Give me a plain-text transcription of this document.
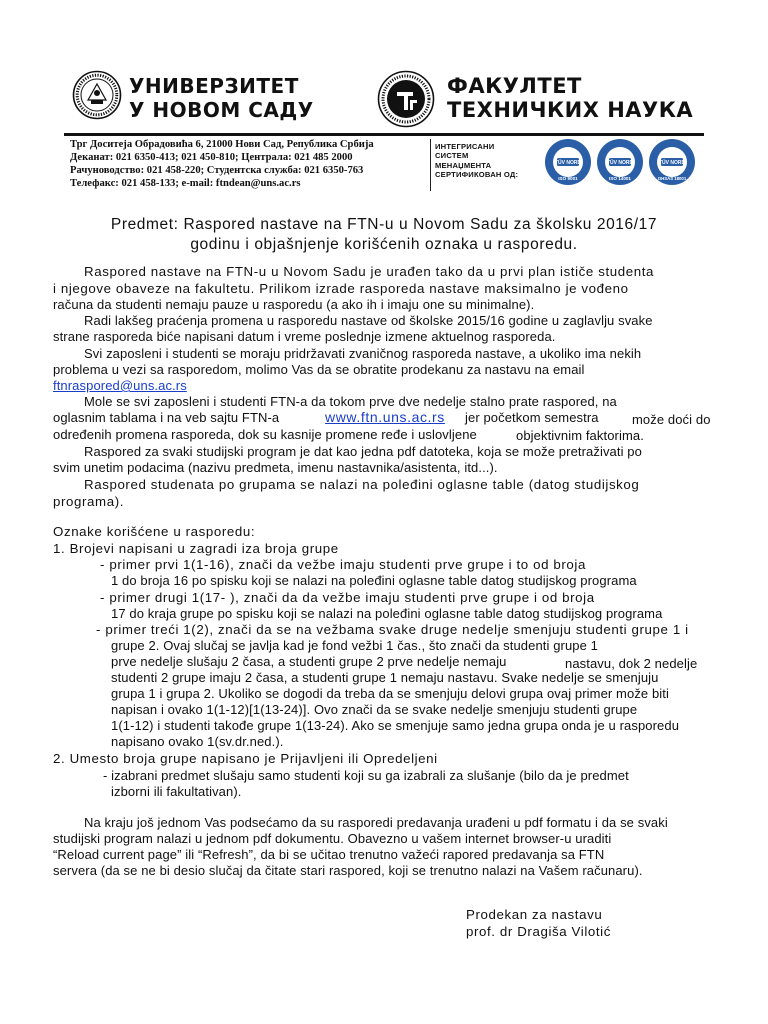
УНИВЕРЗИТЕТ
У НОВОМ САДУ
ФАКУЛТЕТ
ТЕХНИЧКИХ НАУКА
Трг Доситеја Обрадовића 6, 21000 Нови Сад, Република Србија
Деканат: 021 6350-413; 021 450-810; Централа: 021 485 2000
Рачуноводство: 021 458-220; Студентска служба: 021 6350-763
Телефакс: 021 458-133; e-mail: ftndean@uns.ac.rs
ИНТЕГРИСАНИ
СИСТЕМ
МЕНАЏМЕНТА
СЕРТИФИКОВАН ОД:
TÜV NORD
ISO 9001
TÜV NORD
ISO 14001
TÜV NORD
OHSAS 18001
Predmet: Raspored nastave na FTN-u u Novom Sadu za školsku 2016/17
godinu i objašnjenje korišćenih oznaka u rasporedu.
Raspored nastave na FTN-u u Novom Sadu je urađen tako da u prvi plan ističe studenta
i njegove obaveze na fakultetu. Prilikom izrade rasporeda nastave maksimalno je vođeno
računa da studenti nemaju pauze u rasporedu (a ako ih i imaju one su minimalne).
Radi lakšeg praćenja promena u rasporedu nastave od školske 2015/16 godine u zaglavlju svake
strane rasporeda biće napisani datum i vreme poslednje izmene aktuelnog rasporeda.
Svi zaposleni i studenti se moraju pridržavati zvaničnog rasporeda nastave, a ukoliko ima nekih
problema u vezi sa rasporedom, molimo Vas da se obratite prodekanu za nastavu na email
ftnraspored@uns.ac.rs
Mole se svi zaposleni i studenti FTN-a da tokom prve dve nedelje stalno prate raspored, na
oglasnim tablama i na veb sajtu FTN-a	www.ftn.uns.ac.rs jer početkom semestra	može doći do
određenih promena rasporeda, dok su kasnije promene ređe i uslovljene	objektivnim faktorima.
Raspored za svaki studijski program je dat kao jedna pdf datoteka, koja se može pretraživati po
svim unetim podacima (nazivu predmeta, imenu nastavnika/asistenta, itd...).
Raspored studenata po grupama se nalazi na poleđini oglasne table (datog studijskog
programa).
Oznake korišćene u rasporedu:
1. Brojevi napisani u zagradi iza broja grupe
- primer prvi 1(1-16), znači da vežbe imaju studenti prve grupe i to od broja
1 do broja 16 po spisku koji se nalazi na poleđini oglasne table datog studijskog programa
- primer drugi 1(17- ), znači da da vežbe imaju studenti prve grupe i od broja
17 do kraja grupe po spisku koji se nalazi na poleđini oglasne table datog studijskog programa
- primer treći 1(2), znači da se na vežbama svake druge nedelje smenjuju studenti grupe 1 i
grupe 2. Ovaj slučaj se javlja kad je fond vežbi 1 čas., što znači da studenti grupe 1
prve nedelje slušaju 2 časa, a studenti grupe 2 prve nedelje nemaju	nastavu, dok 2 nedelje
studenti 2 grupe imaju 2 časa, a studenti grupe 1 nemaju nastavu. Svake nedelje se smenjuju
grupa 1 i grupa 2. Ukoliko se dogodi da treba da se smenjuju delovi grupa ovaj primer može biti
napisan i ovako 1(1-12)[1(13-24)]. Ovo znači da se svake nedelje smenjuju studenti grupe
1(1-12) i studenti takođe grupe 1(13-24). Ako se smenjuje samo jedna grupa onda je u rasporedu
napisano ovako 1(sv.dr.ned.).
2. Umesto broja grupe napisano je Prijavljeni ili Opredeljeni
- izabrani predmet slušaju samo studenti koji su ga izabrali za slušanje (bilo da je predmet
izborni ili fakultativan).
Na kraju još jednom Vas podsećamo da su rasporedi predavanja urađeni u pdf formatu i da se svaki
studijski program nalazi u jednom pdf dokumentu. Obavezno u vašem internet browser-u uraditi
“Reload current page” ili “Refresh”, da bi se učitao trenutno važeći rapored predavanja sa FTN
servera (da se ne bi desio slučaj da čitate stari raspored, koji se trenutno nalazi na Vašem računaru).
Prodekan za nastavu
prof. dr Dragiša Vilotić
